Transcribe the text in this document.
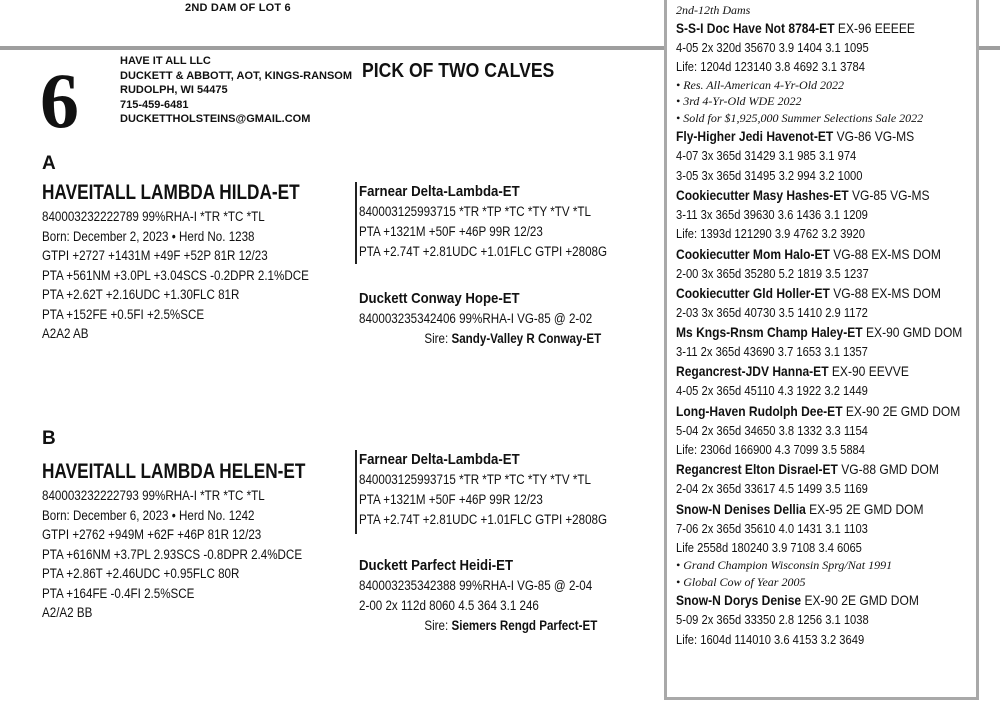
2ND DAM OF LOT 6
6	HAVE IT ALL LLC
DUCKETT & ABBOTT, AOT, KINGS-RANSOM
RUDOLPH, WI 54475
715-459-6481
DUCKETTHOLSTEINS@GMAIL.COM
PICK OF TWO CALVES
A
HAVEITALL LAMBDA HILDA-ET
840003232222789 99%RHA-I *TR *TC *TL
Born: December 2, 2023 • Herd No. 1238
GTPI +2727 +1431M +49F +52P 81R 12/23
PTA +561NM +3.0PL +3.04SCS -0.2DPR 2.1%DCE
PTA +2.62T +2.16UDC +1.30FLC 81R
PTA +152FE +0.5FI +2.5%SCE
A2A2 AB
Farnear Delta-Lambda-ET
840003125993715 *TR *TP *TC *TY *TV *TL
PTA +1321M +50F +46P 99R 12/23
PTA +2.74T +2.81UDC +1.01FLC GTPI +2808G
Duckett Conway Hope-ET
840003235342406 99%RHA-I VG-85 @ 2-02
Sire: Sandy-Valley R Conway-ET
B
HAVEITALL LAMBDA HELEN-ET
840003232222793 99%RHA-I *TR *TC *TL
Born: December 6, 2023 • Herd No. 1242
GTPI +2762 +949M +62F +46P 81R 12/23
PTA +616NM +3.7PL 2.93SCS -0.8DPR 2.4%DCE
PTA +2.86T +2.46UDC +0.95FLC 80R
PTA +164FE -0.4FI 2.5%SCE
A2/A2 BB
Farnear Delta-Lambda-ET
840003125993715 *TR *TP *TC *TY *TV *TL
PTA +1321M +50F +46P 99R 12/23
PTA +2.74T +2.81UDC +1.01FLC GTPI +2808G
Duckett Parfect Heidi-ET
840003235342388 99%RHA-I VG-85 @ 2-04
2-00 2x 112d 8060 4.5 364 3.1 246
Sire: Siemers Rengd Parfect-ET
2nd-12th Dams
S-S-I Doc Have Not 8784-ET EX-96 EEEEE
4-05 2x 320d 35670 3.9 1404 3.1 1095
Life: 1204d 123140 3.8 4692 3.1 3784
• Res. All-American 4-Yr-Old 2022
• 3rd 4-Yr-Old WDE 2022
• Sold for $1,925,000 Summer Selections Sale 2022
Fly-Higher Jedi Havenot-ET VG-86 VG-MS
4-07 3x 365d 31429 3.1 985 3.1 974
3-05 3x 365d 31495 3.2 994 3.2 1000
Cookiecutter Masy Hashes-ET VG-85 VG-MS
3-11 3x 365d 39630 3.6 1436 3.1 1209
Life: 1393d 121290 3.9 4762 3.2 3920
Cookiecutter Mom Halo-ET VG-88 EX-MS DOM
2-00 3x 365d 35280 5.2 1819 3.5 1237
Cookiecutter Gld Holler-ET VG-88 EX-MS DOM
2-03 3x 365d 40730 3.5 1410 2.9 1172
Ms Kngs-Rnsm Champ Haley-ET EX-90 GMD DOM
3-11 2x 365d 43690 3.7 1653 3.1 1357
Regancrest-JDV Hanna-ET EX-90 EEVVE
4-05 2x 365d 45110 4.3 1922 3.2 1449
Long-Haven Rudolph Dee-ET EX-90 2E GMD DOM
5-04 2x 365d 34650 3.8 1332 3.3 1154
Life: 2306d 166900 4.3 7099 3.5 5884
Regancrest Elton Disrael-ET VG-88 GMD DOM
2-04 2x 365d 33617 4.5 1499 3.5 1169
Snow-N Denises Dellia EX-95 2E GMD DOM
7-06 2x 365d 35610 4.0 1431 3.1 1103
Life 2558d 180240 3.9 7108 3.4 6065
• Grand Champion Wisconsin Sprg/Nat 1991
• Global Cow of Year 2005
Snow-N Dorys Denise EX-90 2E GMD DOM
5-09 2x 365d 33350 2.8 1256 3.1 1038
Life: 1604d 114010 3.6 4153 3.2 3649
